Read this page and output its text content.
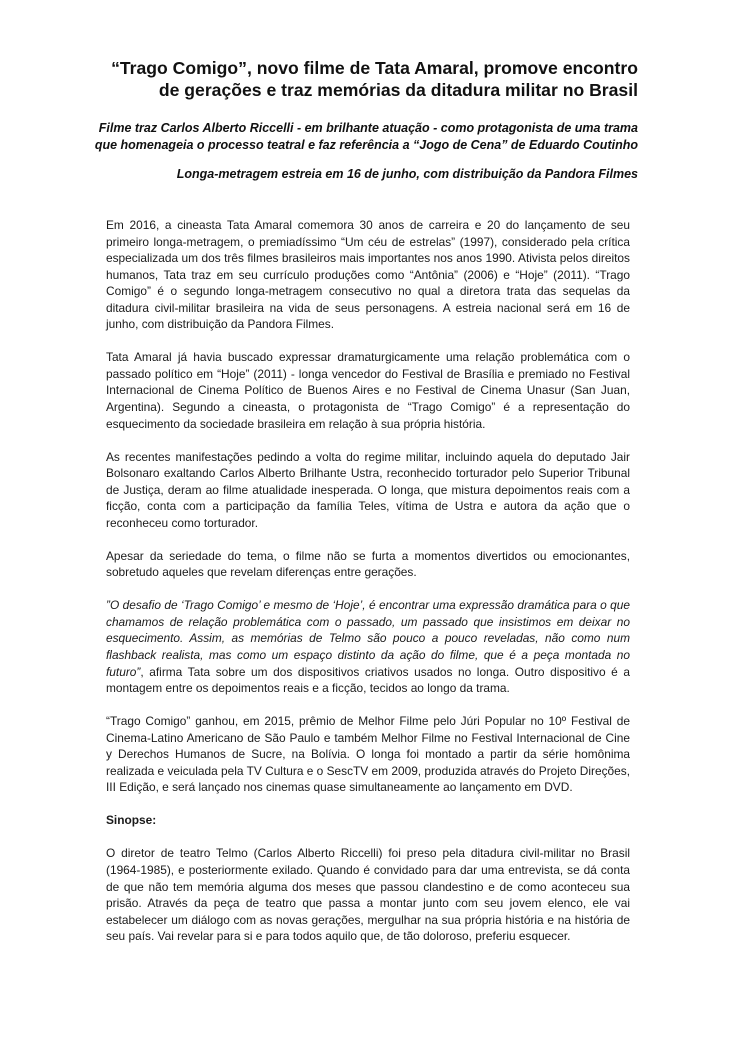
“Trago Comigo”, novo filme de Tata Amaral, promove encontro
de gerações e traz memórias da ditadura militar no Brasil
Filme traz Carlos Alberto Riccelli - em brilhante atuação - como protagonista de uma trama
que homenageia o processo teatral e faz referência a “Jogo de Cena” de Eduardo Coutinho
Longa-metragem estreia em 16 de junho, com distribuição da Pandora Filmes

Em 2016, a cineasta Tata Amaral comemora 30 anos de carreira e 20 do lançamento de seu primeiro longa-metragem, o premiadíssimo “Um céu de estrelas” (1997), considerado pela crítica especializada um dos três filmes brasileiros mais importantes nos anos 1990. Ativista pelos direitos humanos, Tata traz em seu currículo produções como “Antônia” (2006) e “Hoje” (2011). “Trago Comigo” é o segundo longa-metragem consecutivo no qual a diretora trata das sequelas da ditadura civil-militar brasileira na vida de seus personagens. A estreia nacional será em 16 de junho, com distribuição da Pandora Filmes.

Tata Amaral já havia buscado expressar dramaturgicamente uma relação problemática com o passado político em “Hoje” (2011) - longa vencedor do Festival de Brasília e premiado no Festival Internacional de Cinema Político de Buenos Aires e no Festival de Cinema Unasur (San Juan, Argentina). Segundo a cineasta, o protagonista de “Trago Comigo” é a representação do esquecimento da sociedade brasileira em relação à sua própria história.

As recentes manifestações pedindo a volta do regime militar, incluindo aquela do deputado Jair Bolsonaro exaltando Carlos Alberto Brilhante Ustra, reconhecido torturador pelo Superior Tribunal de Justiça, deram ao filme atualidade inesperada. O longa, que mistura depoimentos reais com a ficção, conta com a participação da família Teles, vítima de Ustra e autora da ação que o reconheceu como torturador.

Apesar da seriedade do tema, o filme não se furta a momentos divertidos ou emocionantes, sobretudo aqueles que revelam diferenças entre gerações.

”O desafio de ‘Trago Comigo’ e mesmo de ‘Hoje’, é encontrar uma expressão dramática para o que chamamos de relação problemática com o passado, um passado que insistimos em deixar no esquecimento. Assim, as memórias de Telmo são pouco a pouco reveladas, não como num flashback realista, mas como um espaço distinto da ação do filme, que é a peça montada no futuro”, afirma Tata sobre um dos dispositivos criativos usados no longa. Outro dispositivo é a montagem entre os depoimentos reais e a ficção, tecidos ao longo da trama.

“Trago Comigo” ganhou, em 2015, prêmio de Melhor Filme pelo Júri Popular no 10º Festival de Cinema-Latino Americano de São Paulo e também Melhor Filme no Festival Internacional de Cine y Derechos Humanos de Sucre, na Bolívia. O longa foi montado a partir da série homônima realizada e veiculada pela TV Cultura e o SescTV em 2009, produzida através do Projeto Direções, III Edição, e será lançado nos cinemas quase simultaneamente ao lançamento em DVD.

Sinopse:

O diretor de teatro Telmo (Carlos Alberto Riccelli) foi preso pela ditadura civil-militar no Brasil (1964-1985), e posteriormente exilado. Quando é convidado para dar uma entrevista, se dá conta de que não tem memória alguma dos meses que passou clandestino e de como aconteceu sua prisão. Através da peça de teatro que passa a montar junto com seu jovem elenco, ele vai estabelecer um diálogo com as novas gerações, mergulhar na sua própria história e na história de seu país. Vai revelar para si e para todos aquilo que, de tão doloroso, preferiu esquecer.
